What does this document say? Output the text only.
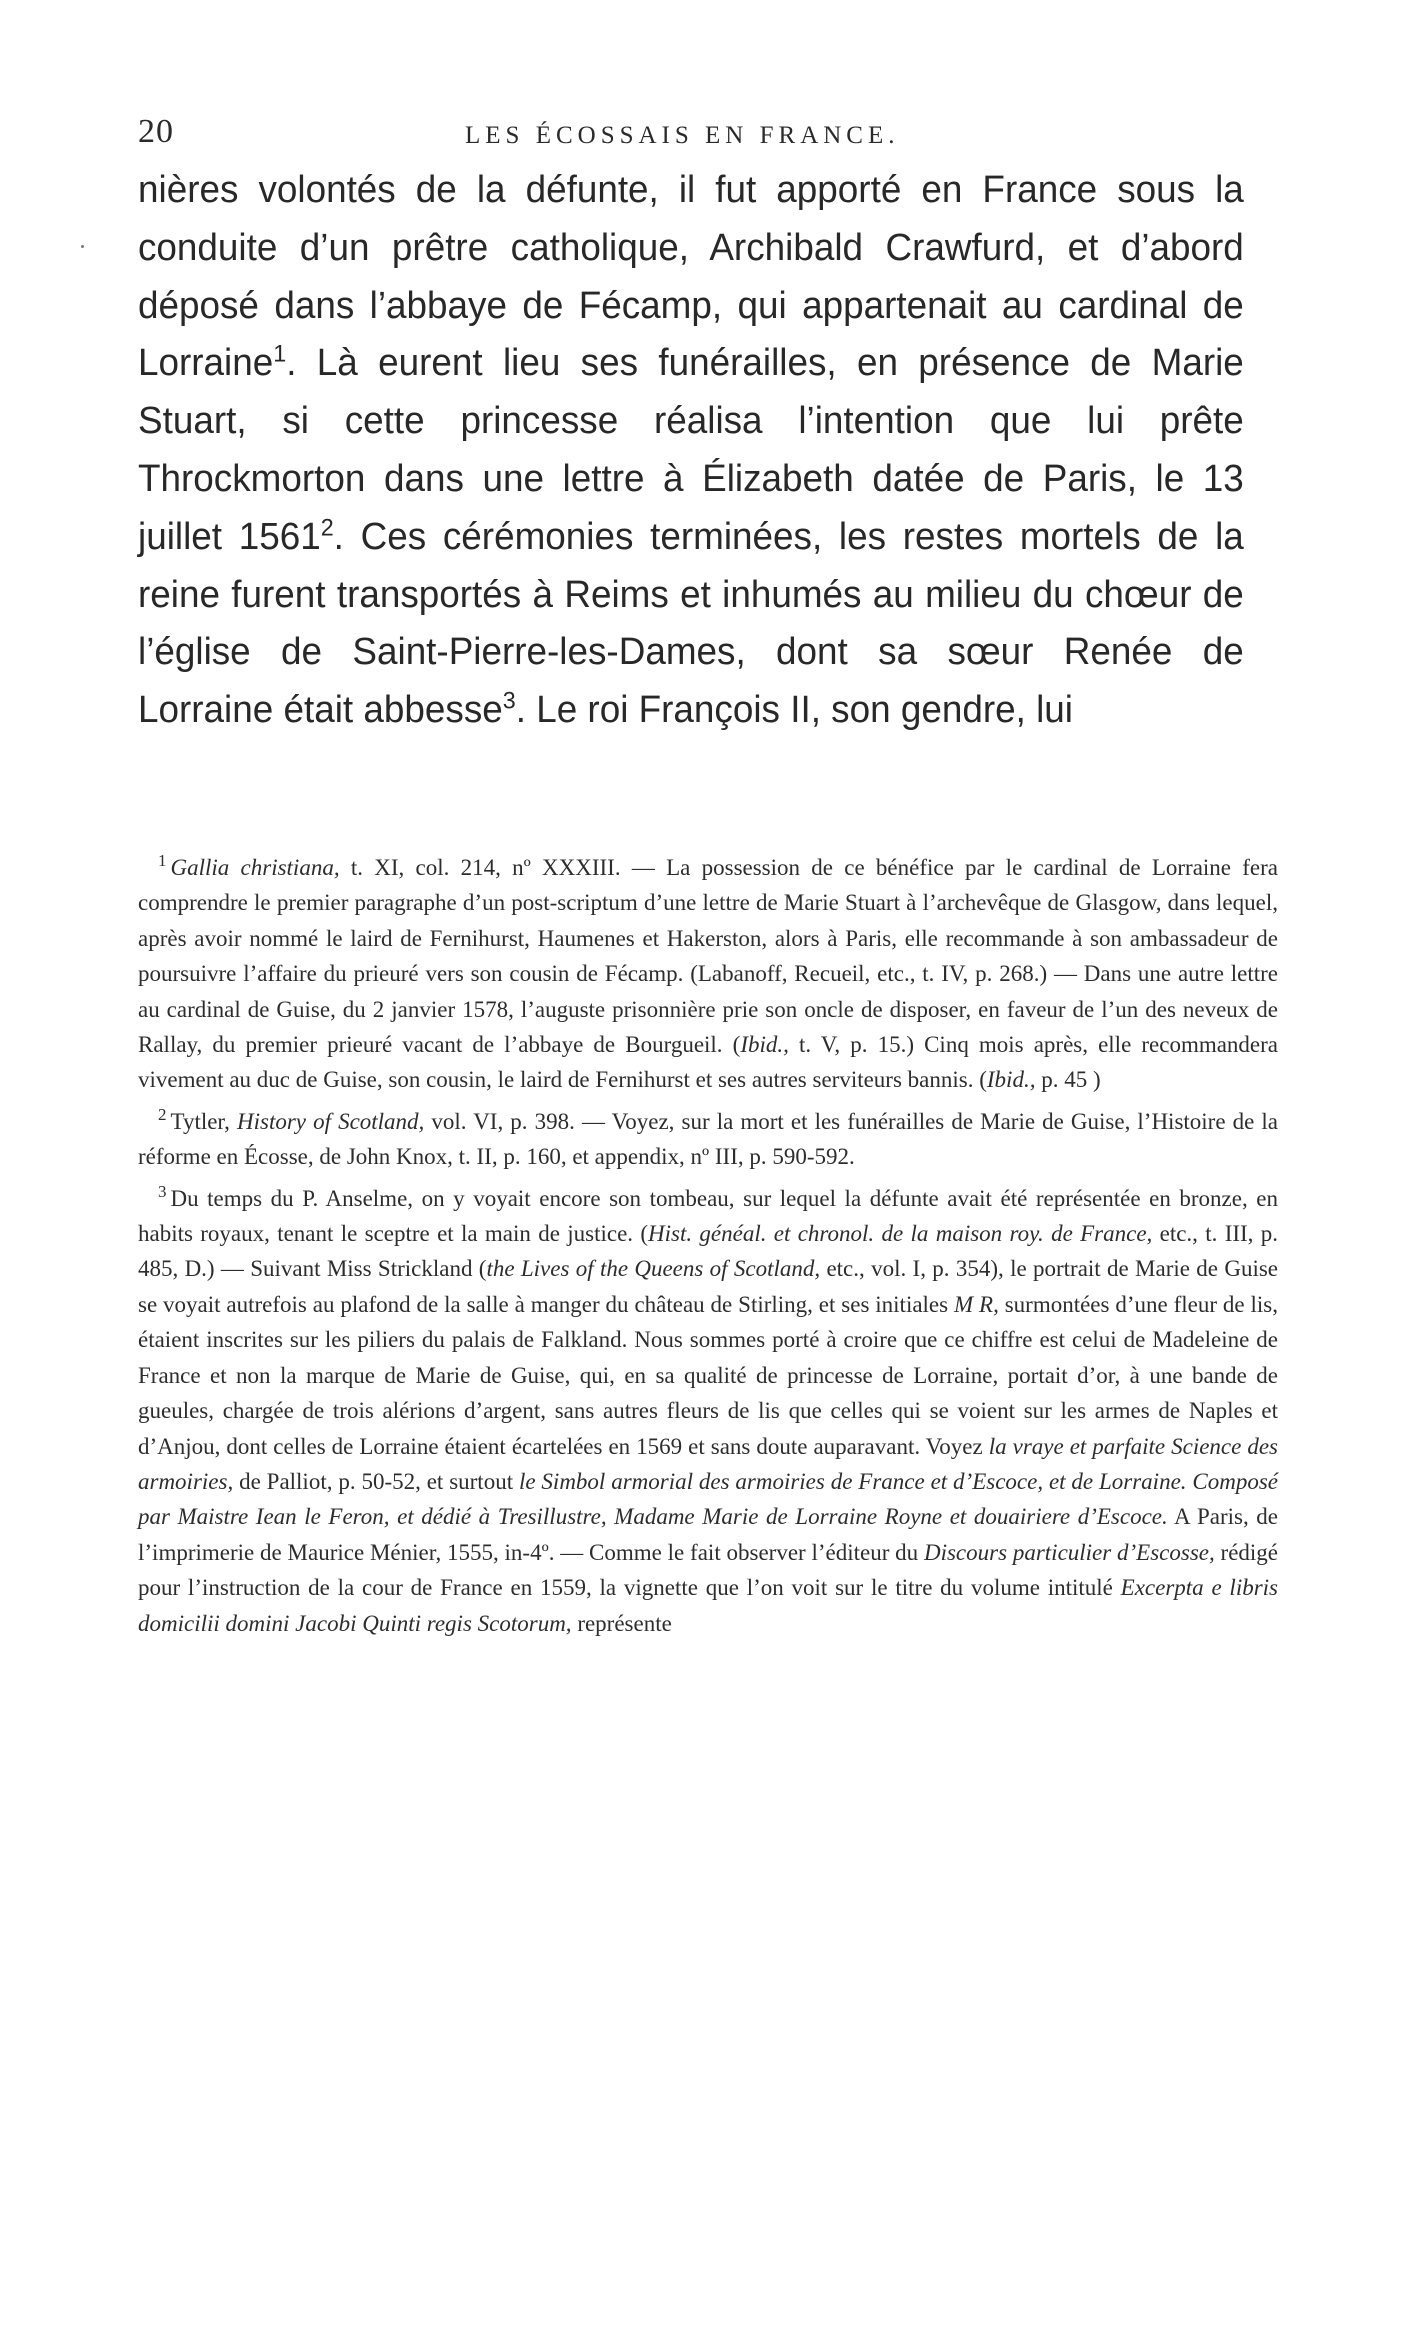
20	LES ÉCOSSAIS EN FRANCE.

nières volontés de la défunte, il fut apporté en France sous la conduite d’un prêtre catholique, Archibald Crawfurd, et d’abord déposé dans l’abbaye de Fécamp, qui appartenait au cardinal de Lorraine$^1$. Là eurent lieu ses funérailles, en présence de Marie Stuart, si cette princesse réalisa l’intention que lui prête Throckmorton dans une lettre à Élizabeth datée de Paris, le 13 juillet 1561$^2$. Ces cérémonies terminées, les restes mortels de la reine furent transportés à Reims et inhumés au milieu du chœur de l’église de Saint-Pierre-les-Dames, dont sa sœur Renée de Lorraine était abbesse$^3$. Le roi François II, son gendre, lui

$^1$ Gallia christiana, t. XI, col. 214, nº XXXIII. — La possession de ce bénéfice par le cardinal de Lorraine fera comprendre le premier paragraphe d’un post-scriptum d’une lettre de Marie Stuart à l’archevêque de Glasgow, dans lequel, après avoir nommé le laird de Fernihurst, Haumenes et Hakerston, alors à Paris, elle recommande à son ambassadeur de poursuivre l’affaire du prieuré vers son cousin de Fécamp. (Labanoff, Recueil, etc., t. IV, p. 268.) — Dans une autre lettre au cardinal de Guise, du 2 janvier 1578, l’auguste prisonnière prie son oncle de disposer, en faveur de l’un des neveux de Rallay, du premier prieuré vacant de l’abbaye de Bourgueil. (Ibid., t. V, p. 15.) Cinq mois après, elle recommandera vivement au duc de Guise, son cousin, le laird de Fernihurst et ses autres serviteurs bannis. (Ibid., p. 45 )

$^2$ Tytler, History of Scotland, vol. VI, p. 398. — Voyez, sur la mort et les funérailles de Marie de Guise, l’Histoire de la réforme en Écosse, de John Knox, t. II, p. 160, et appendix, nº III, p. 590-592.

$^3$ Du temps du P. Anselme, on y voyait encore son tombeau, sur lequel la défunte avait été représentée en bronze, en habits royaux, tenant le sceptre et la main de justice. (Hist. généal. et chronol. de la maison roy. de France, etc., t. III, p. 485, D.) — Suivant Miss Strickland (the Lives of the Queens of Scotland, etc., vol. I, p. 354), le portrait de Marie de Guise se voyait autrefois au plafond de la salle à manger du château de Stirling, et ses initiales M R, surmontées d’une fleur de lis, étaient inscrites sur les piliers du palais de Falkland. Nous sommes porté à croire que ce chiffre est celui de Madeleine de France et non la marque de Marie de Guise, qui, en sa qualité de princesse de Lorraine, portait d’or, à une bande de gueules, chargée de trois alérions d’argent, sans autres fleurs de lis que celles qui se voient sur les armes de Naples et d’Anjou, dont celles de Lorraine étaient écartelées en 1569 et sans doute auparavant. Voyez la vraye et parfaite Science des armoiries, de Palliot, p. 50-52, et surtout le Simbol armorial des armoiries de France et d’Escoce, et de Lorraine. Composé par Maistre Iean le Feron, et dédié à Tresillustre, Madame Marie de Lorraine Royne et douairiere d’Escoce. A Paris, de l’imprimerie de Maurice Ménier, 1555, in-4º. — Comme le fait observer l’éditeur du Discours particulier d’Escosse, rédigé pour l’instruction de la cour de France en 1559, la vignette que l’on voit sur le titre du volume intitulé Excerpta e libris domicilii domini Jacobi Quinti regis Scotorum, représente
